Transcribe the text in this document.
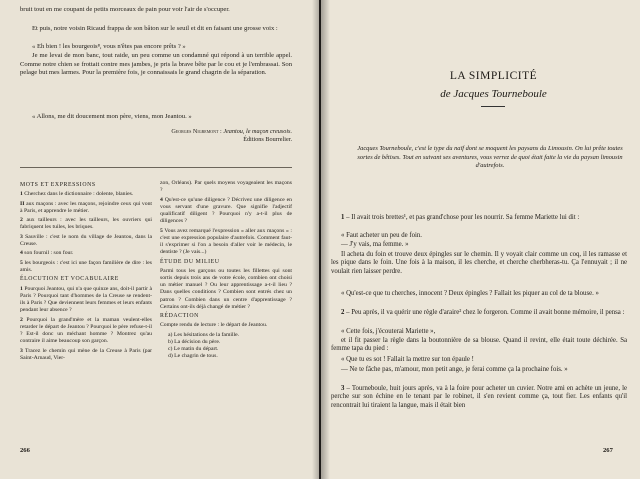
bruit tout en me coupant de petits morceaux de pain pour voir l'air de s'occuper.

Et puis, notre voisin Ricaud frappa de son bâton sur le seuil et dit en faisant une grosse voix :

« Eh bien ! les bourgeois⁸, vous n'êtes pas encore prêts ? »

Je me levai de mon banc, tout raide, un peu comme un condamné qui répond à un terrible appel. Comme notre chien se frottait contre mes jambes, je pris la brave bête par le cou et je l'embrassai. Son pelage but mes larmes. Pour la première fois, je connaissais le grand chagrin de la séparation.

« Allons, me dit doucement mon père, viens, mon Jeantou. »

Georges Nigremont : Jeantou, le maçon creusois.
Éditions Bourrelier.
MOTS ET EXPRESSIONS

1 Cherchez dans le dictionnaire : dolente, blanies.

II aux maçons : avec les maçons, rejoindre ceux qui vont à Paris, et apprendre le métier.

2 aux tailleurs : avec les tailleurs, les ouvriers qui fabriquent les tuiles, les briques.

3 Sauville : c'est le nom du village de Jeantou, dans la Creuse.

4 son fournil : son four.

5 les bourgeois : c'est ici une façon familière de dire : les amis.

ÉLOCUTION ET VOCABULAIRE

1 Pourquoi Jeantou, qui n'a que quinze ans, doit-il partir à Paris ? Pourquoi tant d'hommes de la Creuse se rendent-ils à Paris ? Que deviennent leurs femmes et leurs enfants pendant leur absence ?

2 Pourquoi la grand'mère et la maman veulent-elles retarder le départ de Jeantou ? Pourquoi le père refuse-t-il ? Est-il donc un méchant homme ? Montrez qu'au contraire il aime beaucoup son garçon.

3 Tracez le chemin qui mène de la Creuse à Paris (par Saint-Arnaud, Vier-

zon, Orléans). Par quels moyens voyageaient les maçons ?

4 Qu'est-ce qu'une diligence ? Décrivez une diligence en vous servant d'une gravure. Que signifie l'adjectif qualificatif diligent ? Pourquoi n'y a-t-il plus de diligences ?

5 Vous avez remarqué l'expression « aller aux maçons » : c'est une expression populaire d'autrefois. Comment faut-il s'exprimer si l'on a besoin d'aller voir le médecin, le dentiste ? (Je vais...)

ÉTUDE DU MILIEU

Parmi tous les garçons ou toutes les fillettes qui sont sortis depuis trois ans de votre école, combien ont choisi un métier manuel ? Ou leur apprentissage a-t-il lieu ? Dans quelles conditions ? Combien sont entrés chez un patron ? Combien dans un centre d'apprentissage ? Certains ont-ils déjà changé de métier ?

RÉDACTION

Compte rendu de lecture : le départ de Jeantou.

a) Les hésitations de la famille.

b) La décision du père.

c) Le matin du départ.

d) Le chagrin de tous.

266
LA SIMPLICITÉ
de Jacques Tourneboule
Jacques Tourneboule, c'est le type du naïf dont se moquent les paysans du Limousin. On lui prête toutes sortes de bêtises. Tout en suivant ses aventures, vous verrez de quoi était faite la vie du paysan limousin d'autrefois.

1 – Il avait trois brettes¹, et pas grand'chose pour les nourrir. Sa femme Mariette lui dit :

« Faut acheter un peu de foin.

— J'y vais, ma femme. »

Il acheta du foin et trouve deux épingles sur le chemin. Il y voyait clair comme un coq, il les ramasse et les pique dans le foin. Une fois à la maison, il les cherche, et cherche cherbheras-tu. Ça l'ennuyait ; il ne voulait rien laisser perdre.

« Qu'est-ce que tu cherches, innocent ? Deux épingles ? Fallait les piquer au col de ta blouse. »

2 – Peu après, il va quérir une règle d'araire² chez le forgeron. Comme il avait bonne mémoire, il pensa :

« Cette fois, j'écouterai Mariette »,

et il fit passer la règle dans la boutonnière de sa blouse. Quand il revint, elle était toute déchirée. Sa femme tapa du pied :

« Que tu es sot ! Fallait la mettre sur ton épaule !

— Ne te fâche pas, m'amour, mon petit ange, je ferai comme ça la prochaine fois. »

3 – Tourneboule, huit jours après, va à la foire pour acheter un cuvier. Notre ami en achète un jeune, le perche sur son échine en le tenant par le robinet, il s'en revient comme ça, tout fier. Les enfants qu'il rencontrait lui tiraient la langue, mais il était bien

267
